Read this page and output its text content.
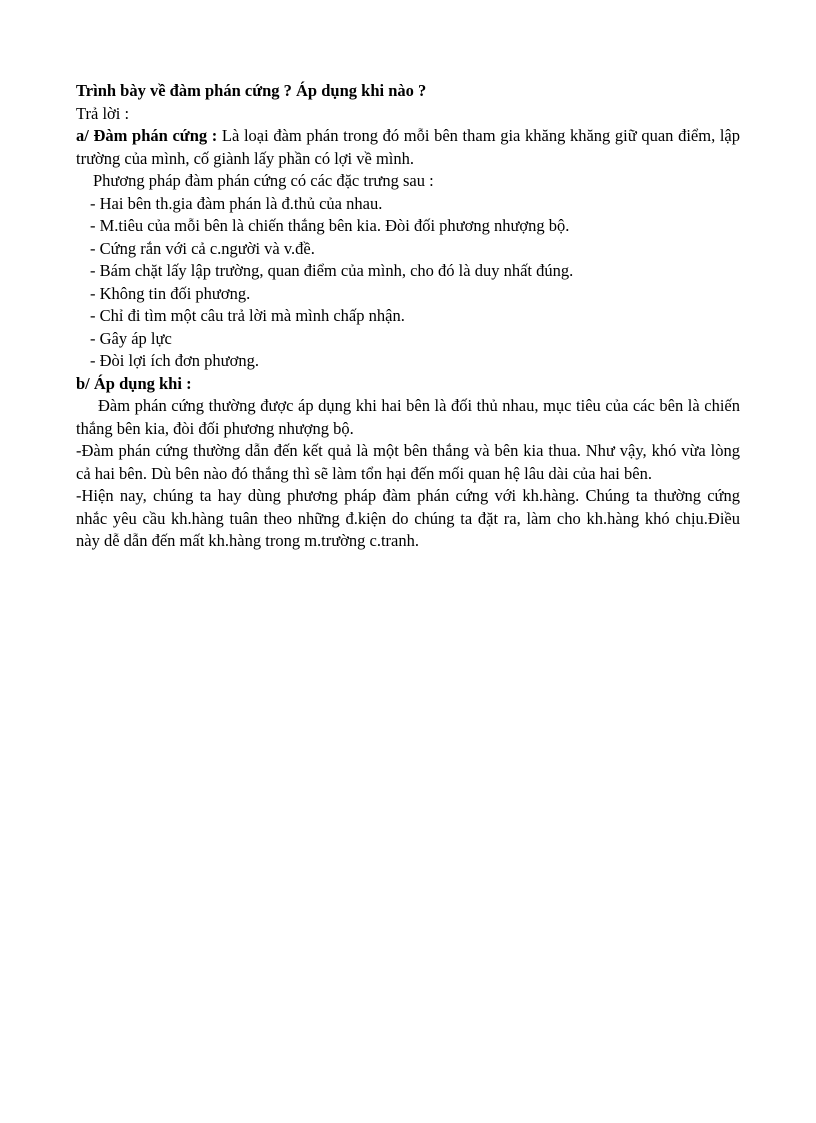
Trình bày về đàm phán cứng ? Áp dụng khi nào ?

Trả lời :

a/ Đàm phán cứng : Là loại đàm phán trong đó mỗi bên tham gia khăng khăng giữ quan điểm, lập trường của mình, cố giành lấy phần có lợi về mình.

Phương pháp đàm phán cứng có các đặc trưng sau :

- Hai bên th.gia đàm phán là đ.thủ của nhau.

- M.tiêu của mỗi bên là chiến thắng bên kia. Đòi đối phương nhượng bộ.

- Cứng rắn với cả c.người và v.đề.

- Bám chặt lấy lập trường, quan điểm của mình, cho đó là duy nhất đúng.

- Không tin đối phương.

- Chỉ đi tìm một câu trả lời mà mình chấp nhận.

- Gây áp lực

- Đòi lợi ích đơn phương.

b/ Áp dụng khi :

Đàm phán cứng thường được áp dụng khi hai bên là đối thủ nhau, mục tiêu của các bên là chiến thắng bên kia, đòi đối phương nhượng bộ.

-Đàm phán cứng thường dẫn đến kết quả là một bên thắng và bên kia thua. Như vậy, khó vừa lòng cả hai bên. Dù bên nào đó thắng thì sẽ làm tổn hại đến mối quan hệ lâu dài của hai bên.

-Hiện nay, chúng ta hay dùng phương pháp đàm phán cứng với kh.hàng. Chúng ta thường cứng nhắc yêu cầu kh.hàng tuân theo những đ.kiện do chúng ta đặt ra, làm cho kh.hàng khó chịu.Điều này dễ dẫn đến mất kh.hàng trong m.trường c.tranh.
